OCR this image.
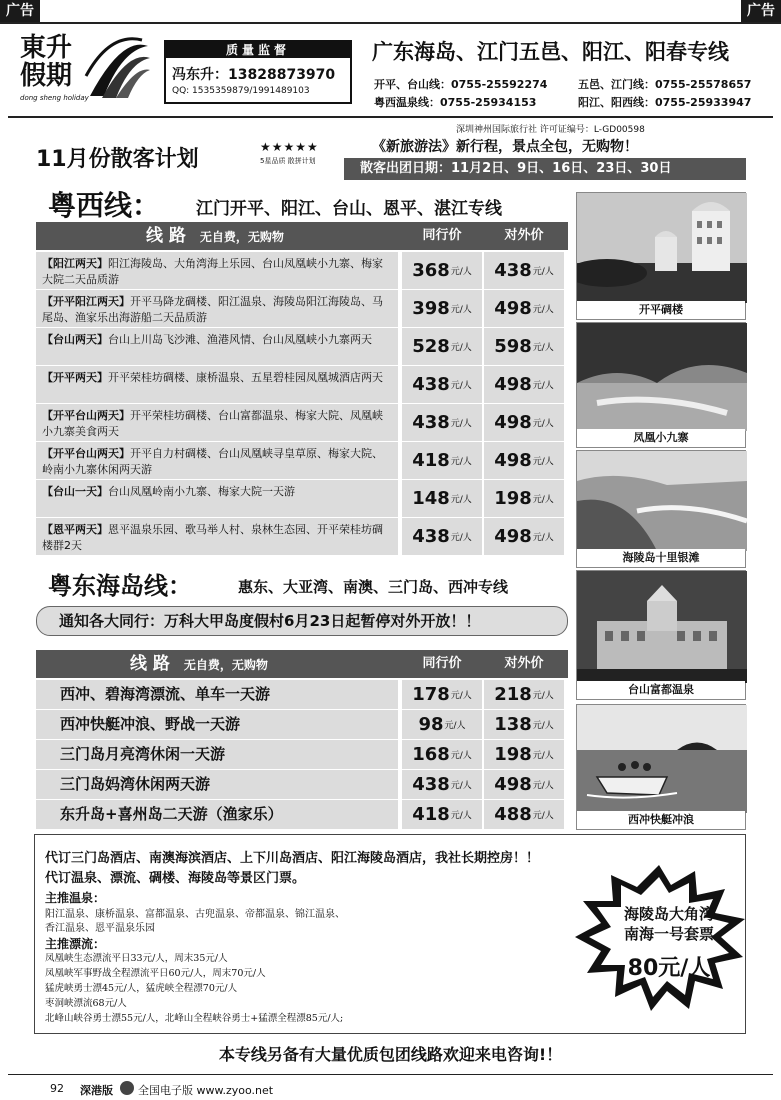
广告	广告
東升
假期
dong sheng holiday
质量监督
冯东升：13828873970
QQ: 1535359879/1991489103
广东海岛、江门五邑、阳江、阳春专线
开平、台山线：0755-25592274	五邑、江门线：0755-25578657
粤西温泉线：0755-25934153	阳江、阳西线：0755-25933947
深圳神州国际旅行社 许可证编号：L-GD00598
11月份散客计划	★★★★★
5星品质 散拼计划
《新旅游法》新行程，景点全包，无购物！
散客出团日期：11月2日、9日、16日、23日、30日
粤西线： 江门开平、阳江、台山、恩平、湛江专线
线 路 无自费，无购物	同行价	对外价
【阳江两天】阳江海陵岛、大角湾海上乐园、台山凤凰峡小九寨、梅家大院二天品质游	368 元/人 438 元/人
【开平阳江两天】开平马降龙碉楼、阳江温泉、海陵岛阳江海陵岛、马尾岛、渔家乐出海游船二天品质游	398 元/人 498 元/人
【台山两天】台山上川岛飞沙滩、渔港风情、台山凤凰峡小九寨两天	528 元/人 598 元/人
【开平两天】开平荣桂坊碉楼、康桥温泉、五星碧桂园凤凰城酒店两天	438 元/人 498 元/人
【开平台山两天】开平荣桂坊碉楼、台山富都温泉、梅家大院、凤凰峡小九寨美食两天	438 元/人 498 元/人
【开平台山两天】开平自力村碉楼、台山凤凰峡寻皇草原、梅家大院、岭南小九寨休闲两天游	418 元/人 498 元/人
【台山一天】台山凤凰岭南小九寨、梅家大院一天游	148 元/人 198 元/人
【恩平两天】恩平温泉乐园、歌马举人村、泉林生态园、开平荣桂坊碉楼群2天	438 元/人 498 元/人
粤东海岛线：	惠东、大亚湾、南澳、三门岛、西冲专线
通知各大同行：万科大甲岛度假村6月23日起暂停对外开放！！
线 路 无自费，无购物	同行价	对外价
西冲、碧海湾漂流、单车一天游	178 元/人 218 元/人
西冲快艇冲浪、野战一天游	98 元/人 138 元/人
三门岛月亮湾休闲一天游	168 元/人 198 元/人
三门岛妈湾休闲两天游	438 元/人 498 元/人
东升岛+喜州岛二天游（渔家乐）	418 元/人 488 元/人
开平碉楼
凤凰小九寨
海陵岛十里银滩
台山富都温泉
西冲快艇冲浪
代订三门岛酒店、南澳海滨酒店、上下川岛酒店、阳江海陵岛酒店，我社长期控房！！
代订温泉、漂流、碉楼、海陵岛等景区门票。
主推温泉：
阳江温泉、康桥温泉、富都温泉、古兜温泉、帝都温泉、锦江温泉、
香江温泉、恩平温泉乐园
主推漂流：
凤凰峡生态漂流平日33元/人，周末35元/人
凤凰峡军事野战全程漂流平日60元/人，周末70元/人
猛虎峡勇士漂45元/人，猛虎峡全程漂70元/人
枣洞峡漂流68元/人
北峰山峡谷勇士漂55元/人，北峰山全程峡谷勇士+猛漂全程漂85元/人;
海陵岛大角湾
南海一号套票
80元/人
本专线另备有大量优质包团线路欢迎来电咨询!！
92 深港版 全国电子版 www.zyoo.net
